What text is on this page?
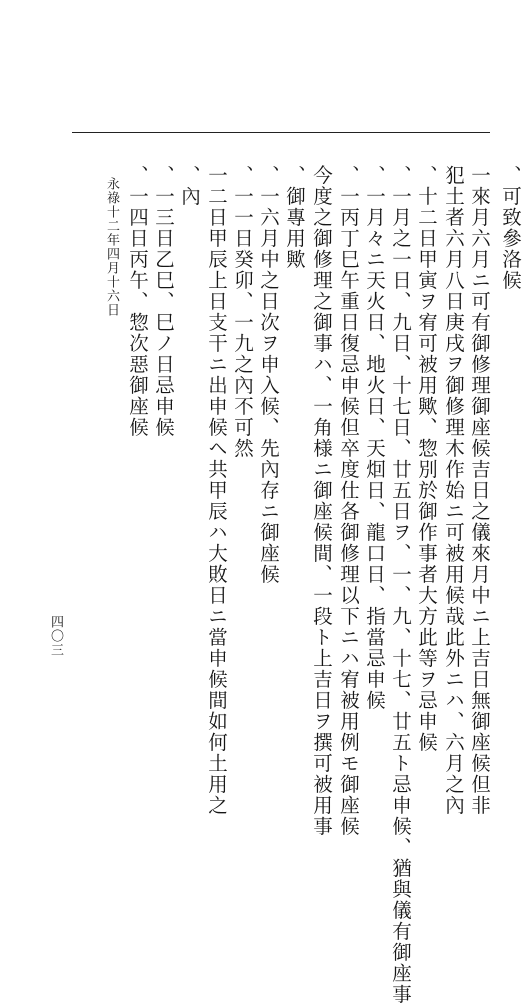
可致參洛候、
一來月六月ニ可有御修理御座候吉日之儀來月中ニ上吉日無御座候但非
犯土者六月八日庚戌ヲ御修理木作始ニ可被用候哉此外ニハ、六月之內
十二日甲寅ヲ宥可被用歟、惣別於御作事者大方此等ヲ忌申候、
一月之一日、九日、十七日、廿五日ヲ、一、九、十七、廿五ト忌申候、猶與儀有御座事、
一月々ニ天火日、地火日、天𤇆日、龍口日、指當忌申候、
一丙丁巳午重日復忌申候但卒度仕各御修理以下ニハ宥被用例モ御座候、
今度之御修理之御事ハ、一角様ニ御座候間、一段ト上吉日ヲ撰可被用事
御專用歟、
一六月中之日次ヲ申入候、先內存ニ御座候、
一一日癸卯、一九之內不可然、
一二日甲辰上日支干ニ出申候ヘ共甲辰ハ大敗日ニ當申候間如何土用之
內、
一三日乙巳、巳ノ日忌申候、
一四日丙午、惣次惡御座候、
永祿十二年四月十六日
四〇三
